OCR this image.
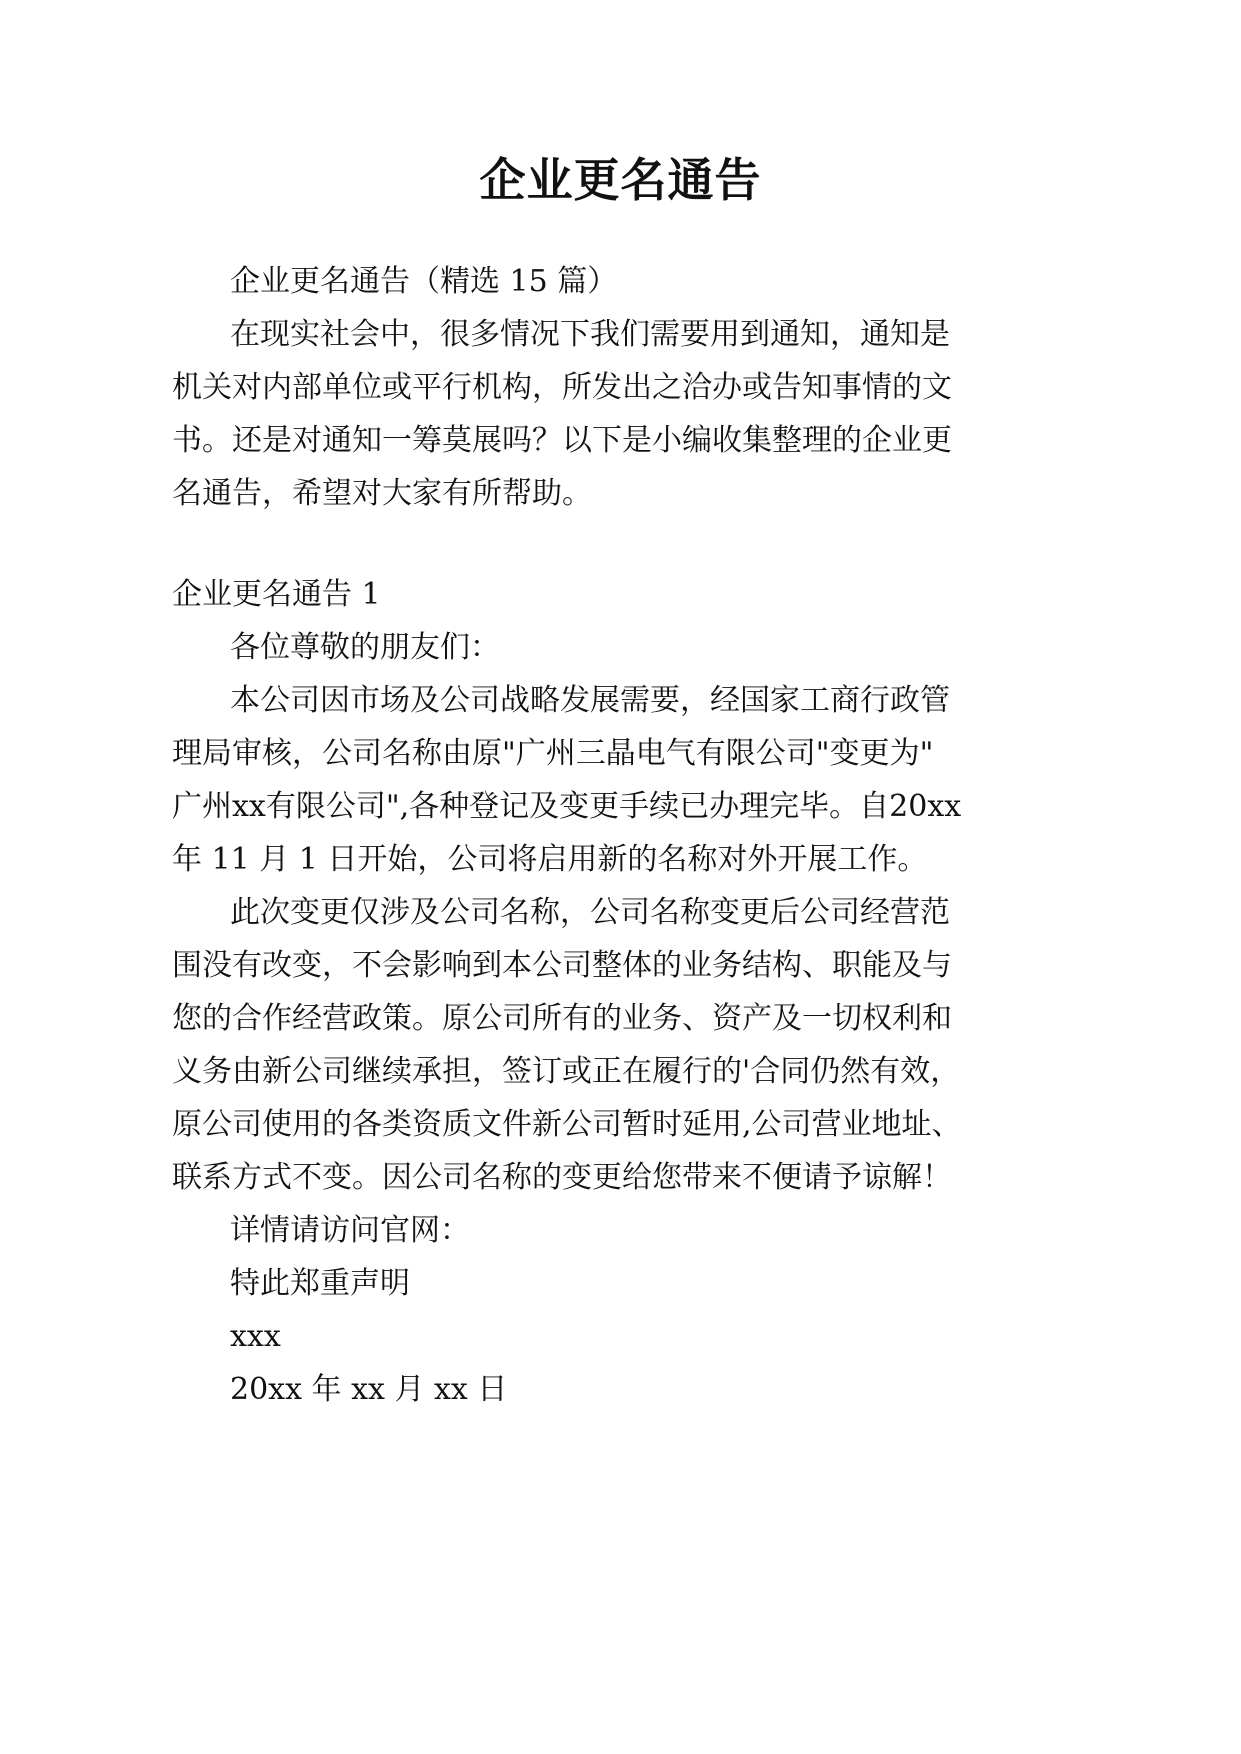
企业更名通告
企业更名通告（精选 15 篇）
在现实社会中，很多情况下我们需要用到通知，通知是
机关对内部单位或平行机构，所发出之洽办或告知事情的文
书。还是对通知一筹莫展吗？以下是小编收集整理的企业更
名通告，希望对大家有所帮助。
企业更名通告 1
各位尊敬的朋友们：
本公司因市场及公司战略发展需要，经国家工商行政管
理局审核，公司名称由原"广州三晶电气有限公司"变更为"
广州xx有限公司",各种登记及变更手续已办理完毕。自20xx
年 11 月 1 日开始，公司将启用新的名称对外开展工作。
此次变更仅涉及公司名称，公司名称变更后公司经营范
围没有改变，不会影响到本公司整体的业务结构、职能及与
您的合作经营政策。原公司所有的业务、资产及一切权利和
义务由新公司继续承担，签订或正在履行的'合同仍然有效，
原公司使用的各类资质文件新公司暂时延用,公司营业地址、
联系方式不变。因公司名称的变更给您带来不便请予谅解！
详情请访问官网：
特此郑重声明
xxx
20xx 年 xx 月 xx 日
